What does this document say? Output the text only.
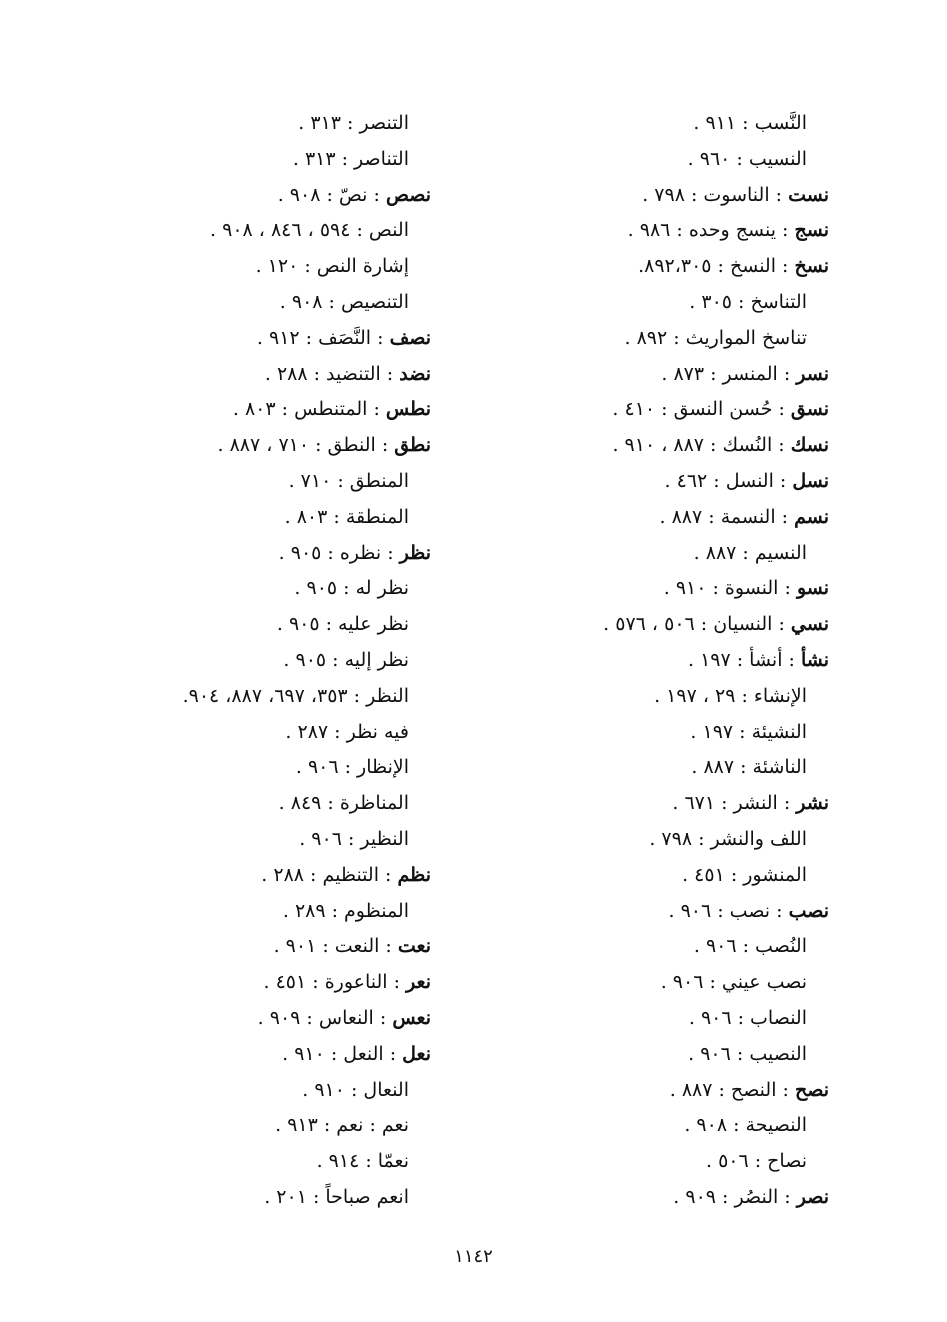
النَّسب : ٩١١ .
النسيب : ٩٦٠ .
نست : الناسوت : ٧٩٨ .
نسج : ينسج وحده : ٩٨٦ .
نسخ : النسخ : ٨٩٢،٣٠٥.
التناسخ : ٣٠٥ .
تناسخ المواريث : ٨٩٢ .
نسر : المنسر : ٨٧٣ .
نسق : حُسن النسق : ٤١٠ .
نسك : النُسك : ٨٨٧ ، ٩١٠ .
نسل : النسل : ٤٦٢ .
نسم : النسمة : ٨٨٧ .
النسيم : ٨٨٧ .
نسو : النسوة : ٩١٠ .
نسي : النسيان : ٥٠٦ ، ٥٧٦ .
نشأ : أنشأ : ١٩٧ .
الإنشاء : ٢٩ ، ١٩٧ .
النشيئة : ١٩٧ .
الناشئة : ٨٨٧ .
نشر : النشر : ٦٧١ .
اللف والنشر : ٧٩٨ .
المنشور : ٤٥١ .
نصب : نصب : ٩٠٦ .
النُصب : ٩٠٦ .
نصب عيني : ٩٠٦ .
النصاب : ٩٠٦ .
النصيب : ٩٠٦ .
نصح : النصح : ٨٨٧ .
النصيحة : ٩٠٨ .
نصاح : ٥٠٦ .
نصر : النصُر : ٩٠٩ .
التنصر : ٣١٣ .
التناصر : ٣١٣ .
نصص : نصّ : ٩٠٨ .
النص : ٥٩٤ ، ٨٤٦ ، ٩٠٨ .
إشارة النص : ١٢٠ .
التنصيص : ٩٠٨ .
نصف : النَّصَف : ٩١٢ .
نضد : التنضيد : ٢٨٨ .
نطس : المتنطس : ٨٠٣ .
نطق : النطق : ٧١٠ ، ٨٨٧ .
المنطق : ٧١٠ .
المنطقة : ٨٠٣ .
نظر : نظره : ٩٠٥ .
نظر له : ٩٠٥ .
نظر عليه : ٩٠٥ .
نظر إليه : ٩٠٥ .
النظر : ٣٥٣، ٦٩٧، ٨٨٧، ٩٠٤.
فيه نظر : ٢٨٧ .
الإنظار : ٩٠٦ .
المناظرة : ٨٤٩ .
النظير : ٩٠٦ .
نظم : التنظيم : ٢٨٨ .
المنظوم : ٢٨٩ .
نعت : النعت : ٩٠١ .
نعر : الناعورة : ٤٥١ .
نعس : النعاس : ٩٠٩ .
نعل : النعل : ٩١٠ .
النعال : ٩١٠ .
نعم : نعم : ٩١٣ .
نعمّا : ٩١٤ .
انعم صباحاً : ٢٠١ .
١١٤٢
